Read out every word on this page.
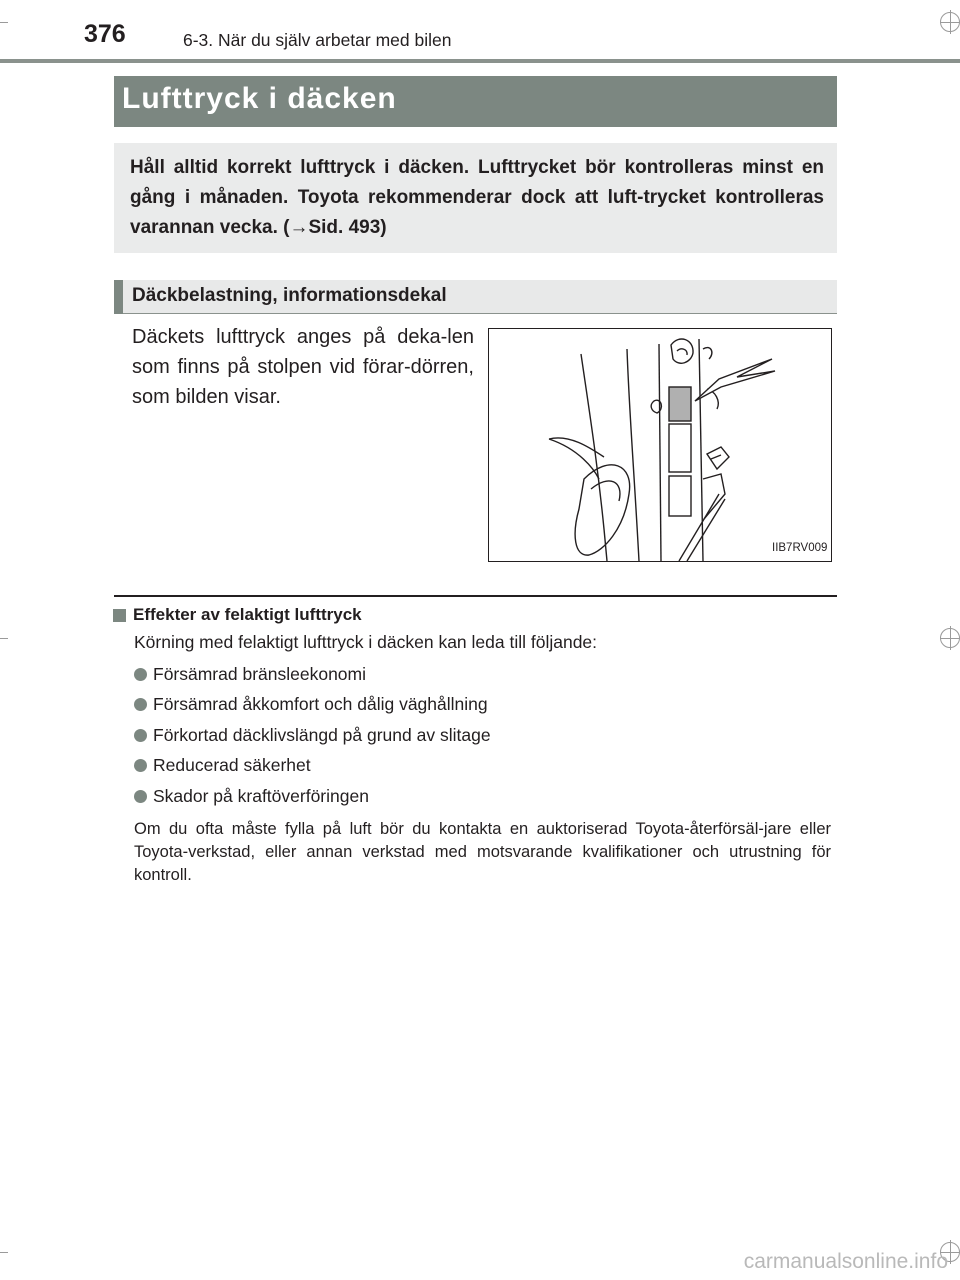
376	6-3. När du själv arbetar med bilen
Lufttryck i däcken
Håll alltid korrekt lufttryck i däcken. Lufttrycket bör kontrolleras minst en gång i månaden. Toyota rekommenderar dock att luft-trycket kontrolleras varannan vecka. (→Sid. 493)
Däckbelastning, informationsdekal
Däckets lufttryck anges på deka-len som finns på stolpen vid förar-dörren, som bilden visar.
IIB7RV009
Effekter av felaktigt lufttryck
Körning med felaktigt lufttryck i däcken kan leda till följande:
Försämrad bränsleekonomi
Försämrad åkkomfort och dålig väghållning
Förkortad däcklivslängd på grund av slitage
Reducerad säkerhet
Skador på kraftöverföringen
Om du ofta måste fylla på luft bör du kontakta en auktoriserad Toyota-återförsäl-jare eller Toyota-verkstad, eller annan verkstad med motsvarande kvalifikationer och utrustning för kontroll.
carmanualsonline.info
